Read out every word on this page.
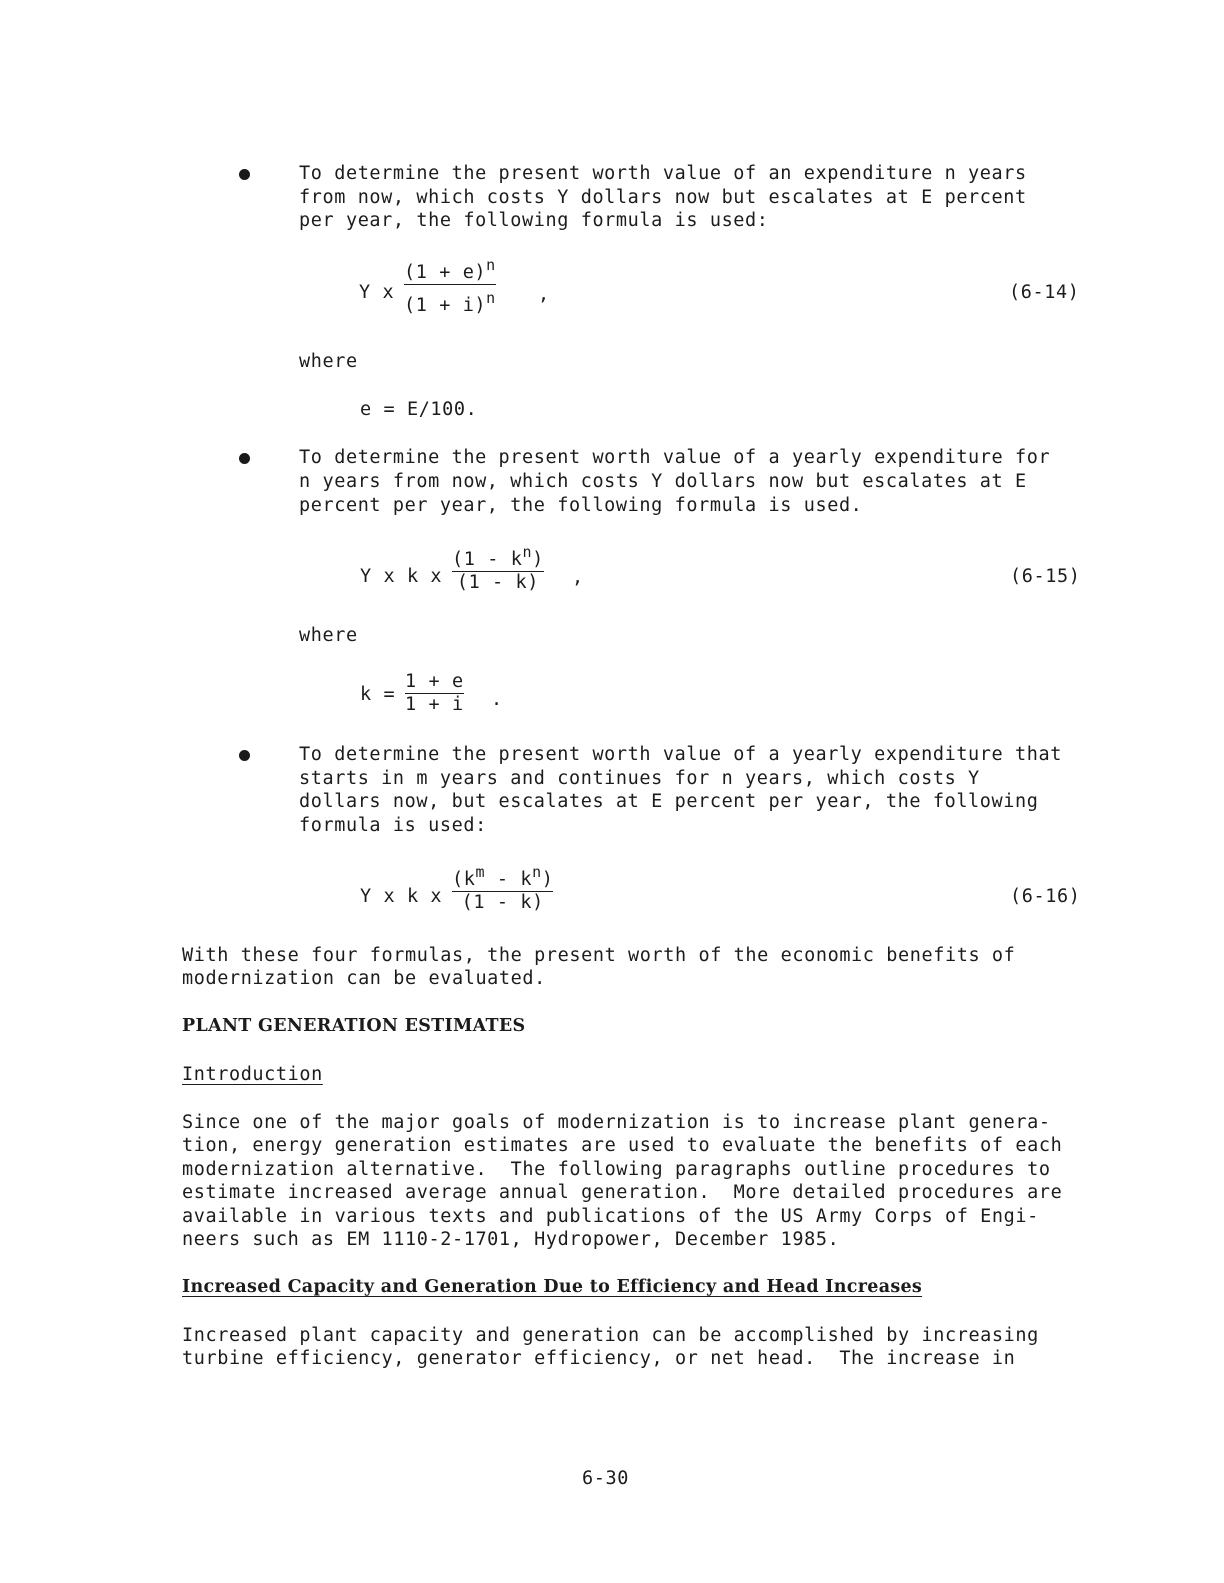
To determine the present worth value of an expenditure n years
from now, which costs Y dollars now but escalates at E percent
per year, the following formula is used:
Y x
$(1 + e)^n$
$(1 + i)^n$ ,	(6-14)
where
e = E/100.
To determine the present worth value of a yearly expenditure for
n years from now, which costs Y dollars now but escalates at E
percent per year, the following formula is used.
Y x k x
$(1 - k^n)$
(1 - k) ,	(6-15)
where
k =
1 + e
1 + i .
To determine the present worth value of a yearly expenditure that
starts in m years and continues for n years, which costs Y
dollars now, but escalates at E percent per year, the following
formula is used:
Y x k x
$(k^m - k^n)$
(1 - k)	(6-16)
With these four formulas, the present worth of the economic benefits of
modernization can be evaluated.
PLANT GENERATION ESTIMATES
Introduction
Since one of the major goals of modernization is to increase plant genera-
tion, energy generation estimates are used to evaluate the benefits of each
modernization alternative.  The following paragraphs outline procedures to
estimate increased average annual generation.  More detailed procedures are
available in various texts and publications of the US Army Corps of Engi-
neers such as EM 1110-2-1701, Hydropower, December 1985.
Increased Capacity and Generation Due to Efficiency and Head Increases
Increased plant capacity and generation can be accomplished by increasing
turbine efficiency, generator efficiency, or net head.  The increase in
6-30
